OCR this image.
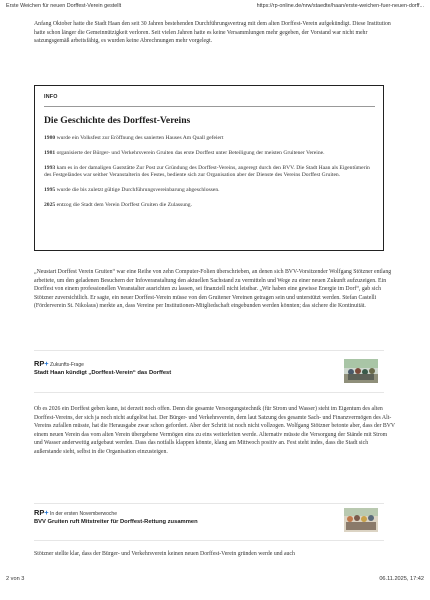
Erste Weichen für neuen Dorffest-Verein gestellt	https://rp-online.de/nrw/staedte/haan/erste-weichen-fuer-neuen-dorff...

Anfang Oktober hatte die Stadt Haan den seit 30 Jahren bestehenden Durchführungsvertrag mit dem alten Dorffest-Verein aufgekündigt. Diese Institution hatte schon länger die Gemeinnützigkeit verloren. Seit vielen Jahren hatte es keine Versammlungen mehr gegeben, der Vorstand war nicht mehr satzungsgemäß arbeitsfähig, es wurden keine Abrechnungen mehr vorgelegt.

INFO
Die Geschichte des Dorffest-Vereins
1980 wurde ein Volksfest zur Eröffnung des sanierten Hauses Am Quall gefeiert
1981 organisierte der Bürger- und Verkehrsverein Gruiten das erste Dorffest unter Beteiligung der meisten Gruitener Vereine.
1993 kam es in der damaligen Gaststätte Zur Post zur Gründung des Dorffest-Vereins, angeregt durch den BVV. Die Stadt Haan als Eigentümerin des Festgeländes war seither Veranstalterin des Festes, bediente sich zur Organisation aber der Dienste des Vereins Dorffest Gruiten.
1995 wurde die bis zuletzt gültige Durchführungsvereinbarung abgeschlossen.
2025 entzog die Stadt dem Verein Dorffest Gruiten die Zulassung.

„Neustart Dorffest Verein Gruiten“ war eine Reihe von zehn Computer-Folien überschrieben, an denen sich BVV-Vorsitzender Wolfgang Stötzner entlang arbeitete, um den geladenen Besuchern der Infoveranstaltung den aktuellen Sachstand zu vermitteln und Wege zu einer neuen Zukunft aufzuzeigen. Ein Dorffest von einem professionellen Veranstalter ausrichten zu lassen, sei finanziell nicht leistbar. „Wir haben eine gewisse Energie im Dorf“, gab sich Stötzner zuversichtlich. Er sagte, ein neuer Dorffest-Verein müsse von den Gruitener Vereinen getragen sein und unterstützt werden. Stefan Castelli (Förderverein St. Nikolaus) merkte an, dass Vereine per Institutionen-Mitgliedschaft eingebunden werden könnten; das sichere die Kontinuität.

RP+ Zukunfts-Frage
Stadt Haan kündigt „Dorffest-Verein“ das Dorffest

Ob es 2026 ein Dorffest geben kann, ist derzeit noch offen. Denn die gesamte Versorgungstechnik (für Strom und Wasser) steht im Eigentum des alten Dorffest-Vereins, der sich ja noch nicht aufgelöst hat. Der Bürger- und Verkehrsverein, dem laut Satzung des gesamte Sach- und Finanzvermögen des Alt-Vereins zufallen müsste, hat die Herausgabe zwar schon gefordert. Aber der Schritt ist noch nicht vollzogen. Wolfgang Stötzner betonte aber, dass der BVV einem neuen Verein das vom alten Verein übergebene Vermögen eins zu eins weiterleiten werde. Alternativ müsste die Versorgung der Stände mit Strom und Wasser anderweitig aufgebaut werden. Dass das notfalls klappen könnte, klang am Mittwoch positiv an. Fest steht indes, dass die Stadt sich außerstande sieht, selbst in die Organisation einzusteigen.

RP+ In der ersten Novemberwoche
BVV Gruiten ruft Mitstreiter für Dorffest-Rettung zusammen

Stötzner stellte klar, dass der Bürger- und Verkehrsverein keinen neuen Dorffest-Verein gründen werde und auch

2 von 3	06.11.2025, 17:42
